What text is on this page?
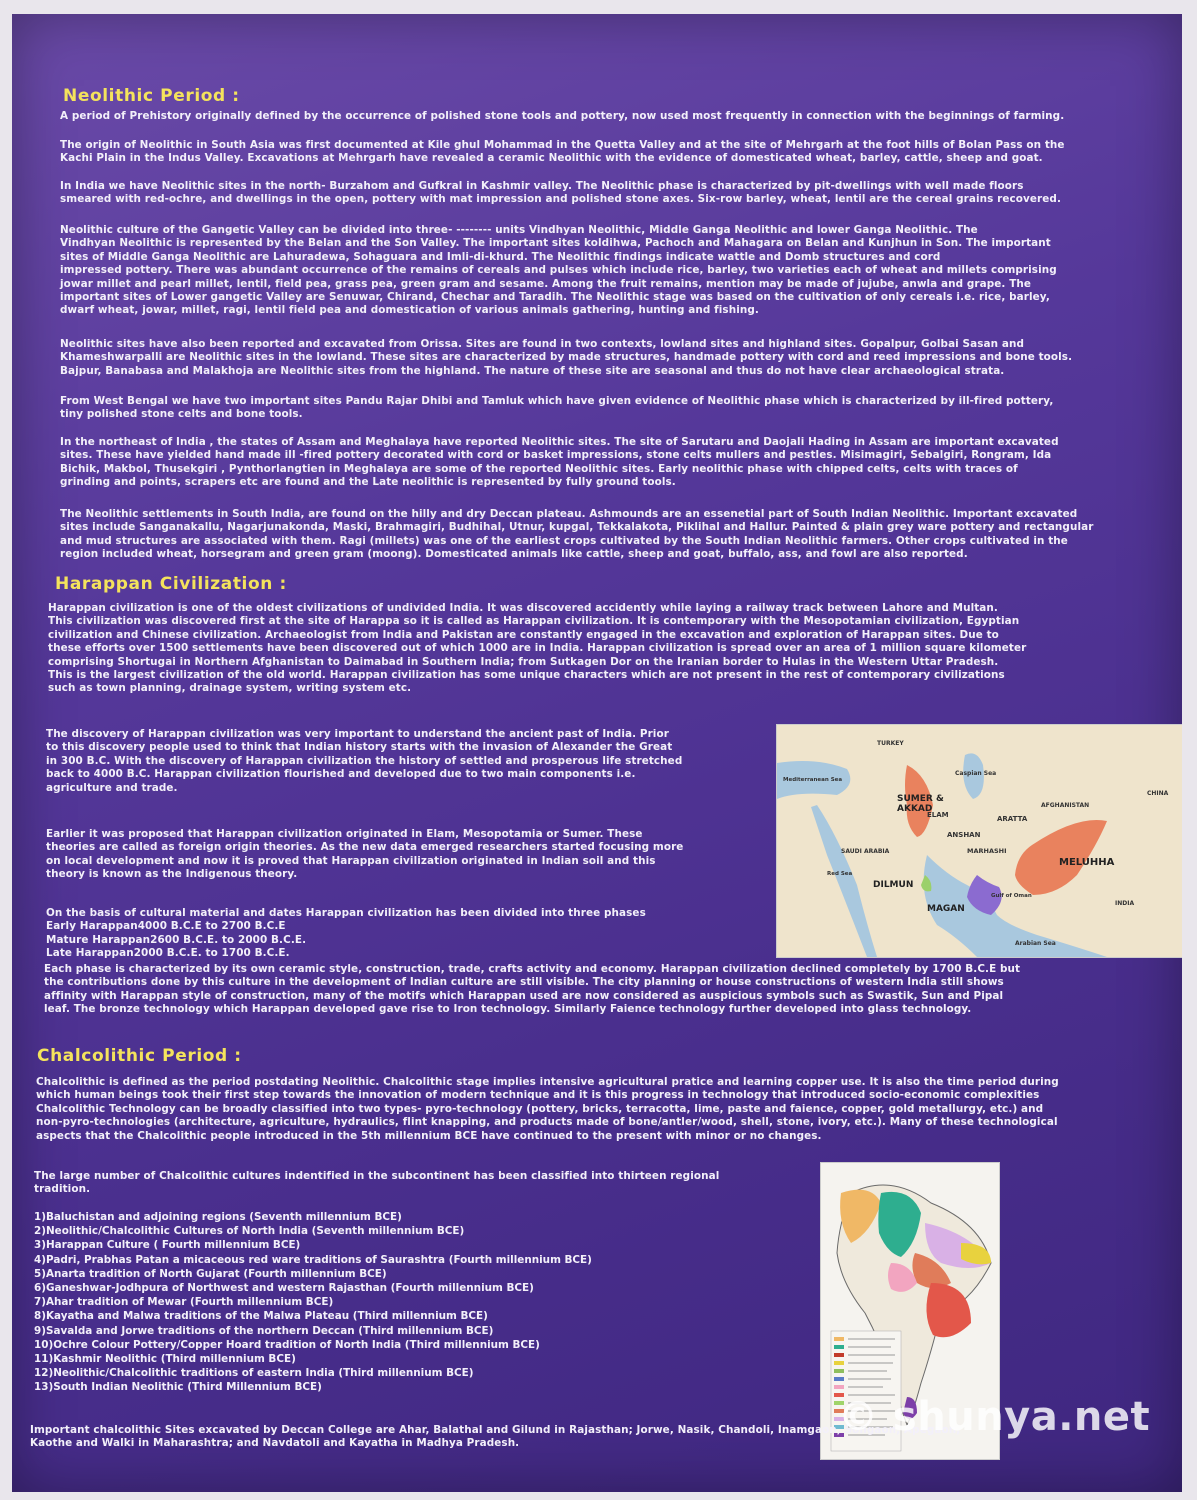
Neolithic Period :

A period of Prehistory originally defined by the occurrence of polished stone tools and pottery, now used most frequently in connection with the beginnings of farming.

The origin of Neolithic in South Asia was first documented at Kile ghul Mohammad in the Quetta Valley and at the site of Mehrgarh at the foot hills of Bolan Pass on the
Kachi Plain in the Indus Valley. Excavations at Mehrgarh have revealed a ceramic Neolithic with the evidence of domesticated wheat, barley, cattle, sheep and goat.

In India we have Neolithic sites in the north- Burzahom and Gufkral in Kashmir valley. The Neolithic phase is characterized by pit-dwellings with well made floors
smeared with red-ochre, and dwellings in the open, pottery with mat impression and polished stone axes. Six-row barley, wheat, lentil are the cereal grains recovered.

Neolithic culture of the Gangetic Valley can be divided into three- -------- units Vindhyan Neolithic, Middle Ganga Neolithic and lower Ganga Neolithic. The
Vindhyan Neolithic is represented by the Belan and the Son Valley. The important sites koldihwa, Pachoch and Mahagara on Belan and Kunjhun in Son. The important
sites of Middle Ganga Neolithic are Lahuradewa, Sohaguara and Imli-di-khurd. The Neolithic findings indicate wattle and Domb structures and cord
impressed pottery. There was abundant occurrence of the remains of cereals and pulses which include rice, barley, two varieties each of wheat and millets comprising
jowar millet and pearl millet, lentil, field pea, grass pea, green gram and sesame. Among the fruit remains, mention may be made of jujube, anwla and grape. The
important sites of Lower gangetic Valley are Senuwar, Chirand, Chechar and Taradih. The Neolithic stage was based on the cultivation of only cereals i.e. rice, barley,
dwarf wheat, jowar, millet, ragi, lentil field pea and domestication of various animals gathering, hunting and fishing.

Neolithic sites have also been reported and excavated from Orissa. Sites are found in two contexts, lowland sites and highland sites. Gopalpur, Golbai Sasan and
Khameshwarpalli are Neolithic sites in the lowland. These sites are characterized by made structures, handmade pottery with cord and reed impressions and bone tools.
Bajpur, Banabasa and Malakhoja are Neolithic sites from the highland. The nature of these site are seasonal and thus do not have clear archaeological strata.

From West Bengal we have two important sites Pandu Rajar Dhibi and Tamluk which have given evidence of Neolithic phase which is characterized by ill-fired pottery,
tiny polished stone celts and bone tools.

In the northeast of India , the states of Assam and Meghalaya have reported Neolithic sites. The site of Sarutaru and Daojali Hading in Assam are important excavated
sites. These have yielded hand made ill -fired pottery decorated with cord or basket impressions, stone celts mullers and pestles. Misimagiri, Sebalgiri, Rongram, Ida
Bichik, Makbol, Thusekgiri , Pynthorlangtien in Meghalaya are some of the reported Neolithic sites. Early neolithic phase with chipped celts, celts with traces of
grinding and points, scrapers etc are found and the Late neolithic is represented by fully ground tools.

The Neolithic settlements in South India, are found on the hilly and dry Deccan plateau. Ashmounds are an essenetial part of South Indian Neolithic. Important excavated
sites include Sanganakallu, Nagarjunakonda, Maski, Brahmagiri, Budhihal, Utnur, kupgal, Tekkalakota, Piklihal and Hallur. Painted & plain grey ware pottery and rectangular
and mud structures are associated with them. Ragi (millets) was one of the earliest crops cultivated by the South Indian Neolithic farmers. Other crops cultivated in the
region included wheat, horsegram and green gram (moong). Domesticated animals like cattle, sheep and goat, buffalo, ass, and fowl are also reported.

Harappan Civilization :

Harappan civilization is one of the oldest civilizations of undivided India. It was discovered accidently while laying a railway track between Lahore and Multan.
This civilization was discovered first at the site of Harappa so it is called as Harappan civilization. It is contemporary with the Mesopotamian civilization, Egyptian
civilization and Chinese civilization. Archaeologist from India and Pakistan are constantly engaged in the excavation and exploration of Harappan sites. Due to
these efforts over 1500 settlements have been discovered out of which 1000 are in India. Harappan civilization is spread over an area of 1 million square kilometer
comprising Shortugai in Northern Afghanistan to Daimabad in Southern India; from Sutkagen Dor on the Iranian border to Hulas in the Western Uttar Pradesh.
This is the largest civilization of the old world. Harappan civilization has some unique characters which are not present in the rest of contemporary civilizations
such as town planning, drainage system, writing system etc.

The discovery of Harappan civilization was very important to understand the ancient past of India. Prior
to this discovery people used to think that Indian history starts with the invasion of Alexander the Great
in 300 B.C. With the discovery of Harappan civilization the history of settled and prosperous life stretched
back to 4000 B.C. Harappan civilization flourished and developed due to two main components i.e.
agriculture and trade.

Earlier it was proposed that Harappan civilization originated in Elam, Mesopotamia or Sumer. These
theories are called as foreign origin theories. As the new data emerged researchers started focusing more
on local development and now it is proved that Harappan civilization originated in Indian soil and this
theory is known as the Indigenous theory.

On the basis of cultural material and dates Harappan civilization has been divided into three phases
Early Harappan4000 B.C.E to 2700 B.C.E
Mature Harappan2600 B.C.E. to 2000 B.C.E.
Late Harappan2000 B.C.E. to 1700 B.C.E.

Each phase is characterized by its own ceramic style, construction, trade, crafts activity and economy. Harappan civilization declined completely by 1700 B.C.E but
the contributions done by this culture in the development of Indian culture are still visible. The city planning or house constructions of western India still shows
affinity with Harappan style of construction, many of the motifs which Harappan used are now considered as auspicious symbols such as Swastik, Sun and Pipal
leaf. The bronze technology which Harappan developed gave rise to Iron technology. Similarly Faience technology further developed into glass technology.

SUMER &
AKKAD
DILMUN
MAGAN
MELUHHA
Caspian Sea
Mediterranean Sea
Arabian Sea
Red Sea
SAUDI ARABIA
INDIA
TURKEY
CHINA
AFGHANISTAN
Gulf of Oman
ELAM
ANSHAN
ARATTA
MARHASHI
Chalcolithic Period :

Chalcolithic is defined as the period postdating Neolithic. Chalcolithic stage implies intensive agricultural pratice and learning copper use. It is also the time period during
which human beings took their first step towards the innovation of modern technique and it is this progress in technology that introduced socio-economic complexities
Chalcolithic Technology can be broadly classified into two types- pyro-technology (pottery, bricks, terracotta, lime, paste and faience, copper, gold metallurgy, etc.) and
non-pyro-technologies (architecture, agriculture, hydraulics, flint knapping, and products made of bone/antler/wood, shell, stone, ivory, etc.). Many of these technological
aspects that the Chalcolithic people introduced in the 5th millennium BCE have continued to the present with minor or no changes.

The large number of Chalcolithic cultures indentified in the subcontinent has been classified into thirteen regional
tradition.

1)Baluchistan and adjoining regions (Seventh millennium BCE)
2)Neolithic/Chalcolithic Cultures of North India (Seventh millennium BCE)
3)Harappan Culture ( Fourth millennium BCE)
4)Padri, Prabhas Patan a micaceous red ware traditions of Saurashtra (Fourth millennium BCE)
5)Anarta tradition of North Gujarat (Fourth millennium BCE)
6)Ganeshwar-Jodhpura of Northwest and western Rajasthan (Fourth millennium BCE)
7)Ahar tradition of Mewar (Fourth millennium BCE)
8)Kayatha and Malwa traditions of the Malwa Plateau (Third millennium BCE)
9)Savalda and Jorwe traditions of the northern Deccan (Third millennium BCE)
10)Ochre Colour Pottery/Copper Hoard tradition of North India (Third millennium BCE)
11)Kashmir Neolithic (Third millennium BCE)
12)Neolithic/Chalcolithic traditions of eastern India (Third millennium BCE)
13)South Indian Neolithic (Third Millennium BCE)

Important chalcolithic Sites excavated by Deccan College are Ahar, Balathal and Gilund in Rajasthan; Jorwe, Nasik, Chandoli, Inamgaon, Songaon, Apegaon,
Kaothe and Walki in Maharashtra; and Navdatoli and Kayatha in Madhya Pradesh.

© shunya.net
